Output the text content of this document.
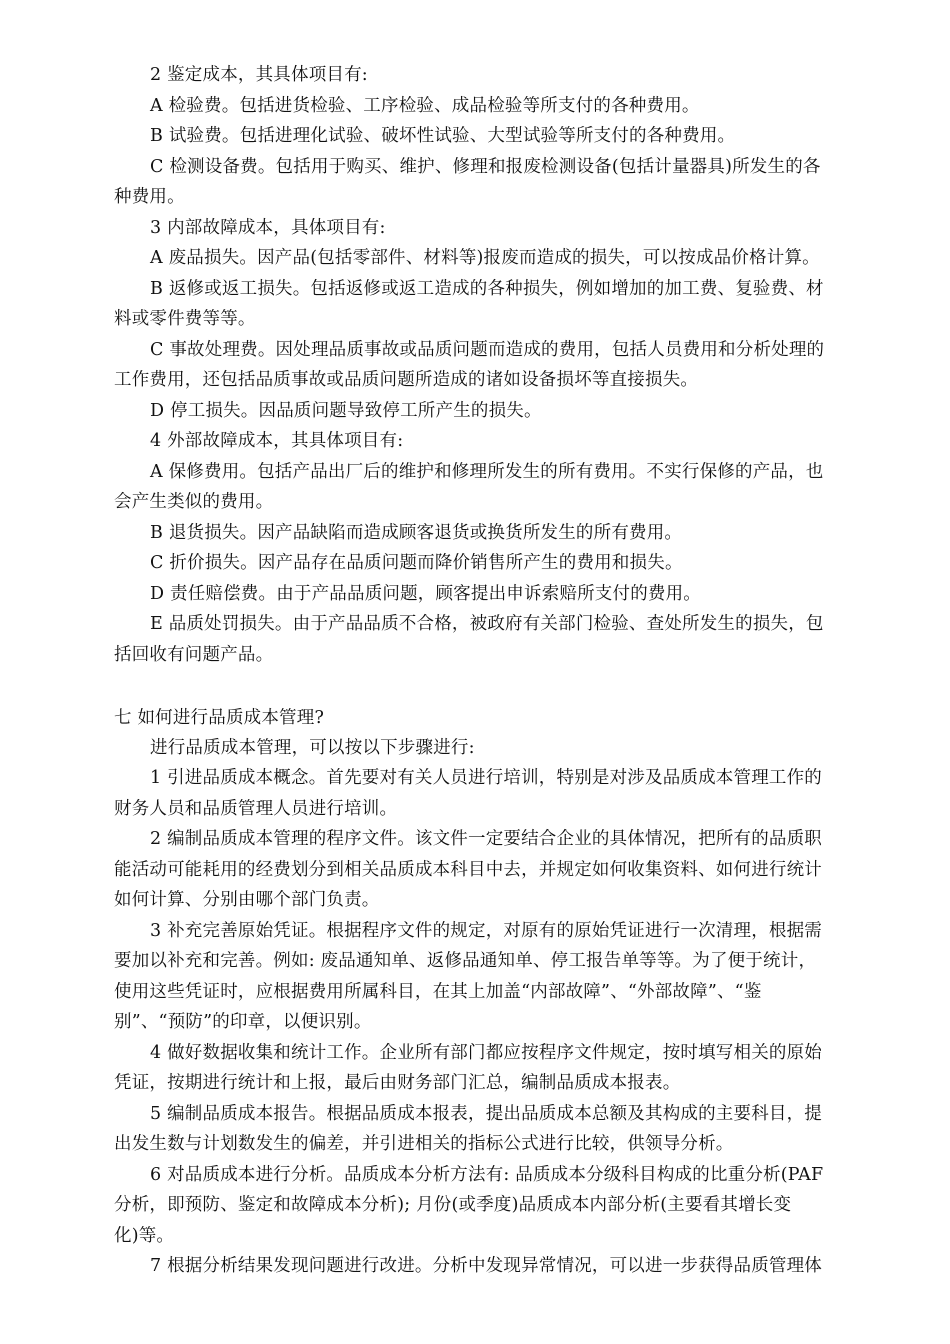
2 鉴定成本，其具体项目有:
A 检验费。包括进货检验、工序检验、成品检验等所支付的各种费用。
B 试验费。包括进理化试验、破坏性试验、大型试验等所支付的各种费用。
C 检测设备费。包括用于购买、维护、修理和报废检测设备(包括计量器具)所发生的各
种费用。
3 内部故障成本，具体项目有:
A 废品损失。因产品(包括零部件、材料等)报废而造成的损失，可以按成品价格计算。
B 返修或返工损失。包括返修或返工造成的各种损失，例如增加的加工费、复验费、材
料或零件费等等。
C 事故处理费。因处理品质事故或品质问题而造成的费用，包括人员费用和分析处理的
工作费用，还包括品质事故或品质问题所造成的诸如设备损坏等直接损失。
D 停工损失。因品质问题导致停工所产生的损失。
4 外部故障成本，其具体项目有:
A 保修费用。包括产品出厂后的维护和修理所发生的所有费用。不实行保修的产品，也
会产生类似的费用。
B 退货损失。因产品缺陷而造成顾客退货或换货所发生的所有费用。
C 折价损失。因产品存在品质问题而降价销售所产生的费用和损失。
D 责任赔偿费。由于产品品质问题，顾客提出申诉索赔所支付的费用。
E 品质处罚损失。由于产品品质不合格，被政府有关部门检验、查处所发生的损失，包
括回收有问题产品。
七 如何进行品质成本管理?
进行品质成本管理，可以按以下步骤进行:
1 引进品质成本概念。首先要对有关人员进行培训，特别是对涉及品质成本管理工作的
财务人员和品质管理人员进行培训。
2 编制品质成本管理的程序文件。该文件一定要结合企业的具体情况，把所有的品质职
能活动可能耗用的经费划分到相关品质成本科目中去，并规定如何收集资料、如何进行统计
如何计算、分别由哪个部门负责。
3 补充完善原始凭证。根据程序文件的规定，对原有的原始凭证进行一次清理，根据需
要加以补充和完善。例如: 废品通知单、返修品通知单、停工报告单等等。为了便于统计，
使用这些凭证时，应根据费用所属科目，在其上加盖“内部故障”、“外部故障”、“鉴
别”、“预防”的印章，以便识别。
4 做好数据收集和统计工作。企业所有部门都应按程序文件规定，按时填写相关的原始
凭证，按期进行统计和上报，最后由财务部门汇总，编制品质成本报表。
5 编制品质成本报告。根据品质成本报表，提出品质成本总额及其构成的主要科目，提
出发生数与计划数发生的偏差，并引进相关的指标公式进行比较，供领导分析。
6 对品质成本进行分析。品质成本分析方法有: 品质成本分级科目构成的比重分析(PAF
分析，即预防、鉴定和故障成本分析); 月份(或季度)品质成本内部分析(主要看其增长变
化)等。
7 根据分析结果发现问题进行改进。分析中发现异常情况，可以进一步获得品质管理体
